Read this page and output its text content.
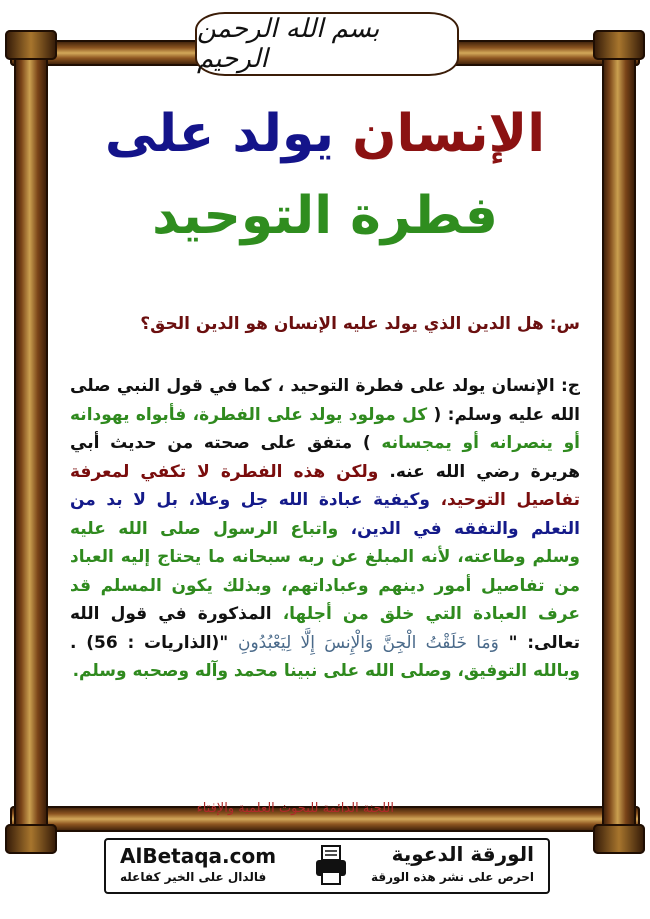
بسم الله الرحمن الرحيم
الإنسان يولد على
فطرة التوحيد
س: هل الدين الذي يولد عليه الإنسان هو الدين الحق؟
ج: الإنسان يولد على فطرة التوحيد ، كما في قول النبي صلى الله عليه وسلم: ( كل مولود يولد على الفطرة، فأبواه يهودانه أو ينصرانه أو يمجسانه ) متفق على صحته من حديث أبي هريرة رضي الله عنه. ولكن هذه الفطرة لا تكفي لمعرفة تفاصيل التوحيد، وكيفية عبادة الله جل وعلا، بل لا بد من التعلم والتفقه في الدين، واتباع الرسول صلى الله عليه وسلم وطاعته، لأنه المبلغ عن ربه سبحانه ما يحتاج إليه العباد من تفاصيل أمور دينهم وعباداتهم، وبذلك يكون المسلم قد عرف العبادة التي خلق من أجلها، المذكورة في قول الله تعالى: " وَمَا خَلَقْتُ الْجِنَّ وَالْإِنسَ إِلَّا لِيَعْبُدُونِ "(الذاريات : 56) . وبالله التوفيق، وصلى الله على نبينا محمد وآله وصحبه وسلم.
اللجنة الدائمة للبحوث العلمية والإفتاء
AlBetaqa.com
فالدال على الخير كفاعله
الورقة الدعوية
احرص على نشر هذه الورقة
